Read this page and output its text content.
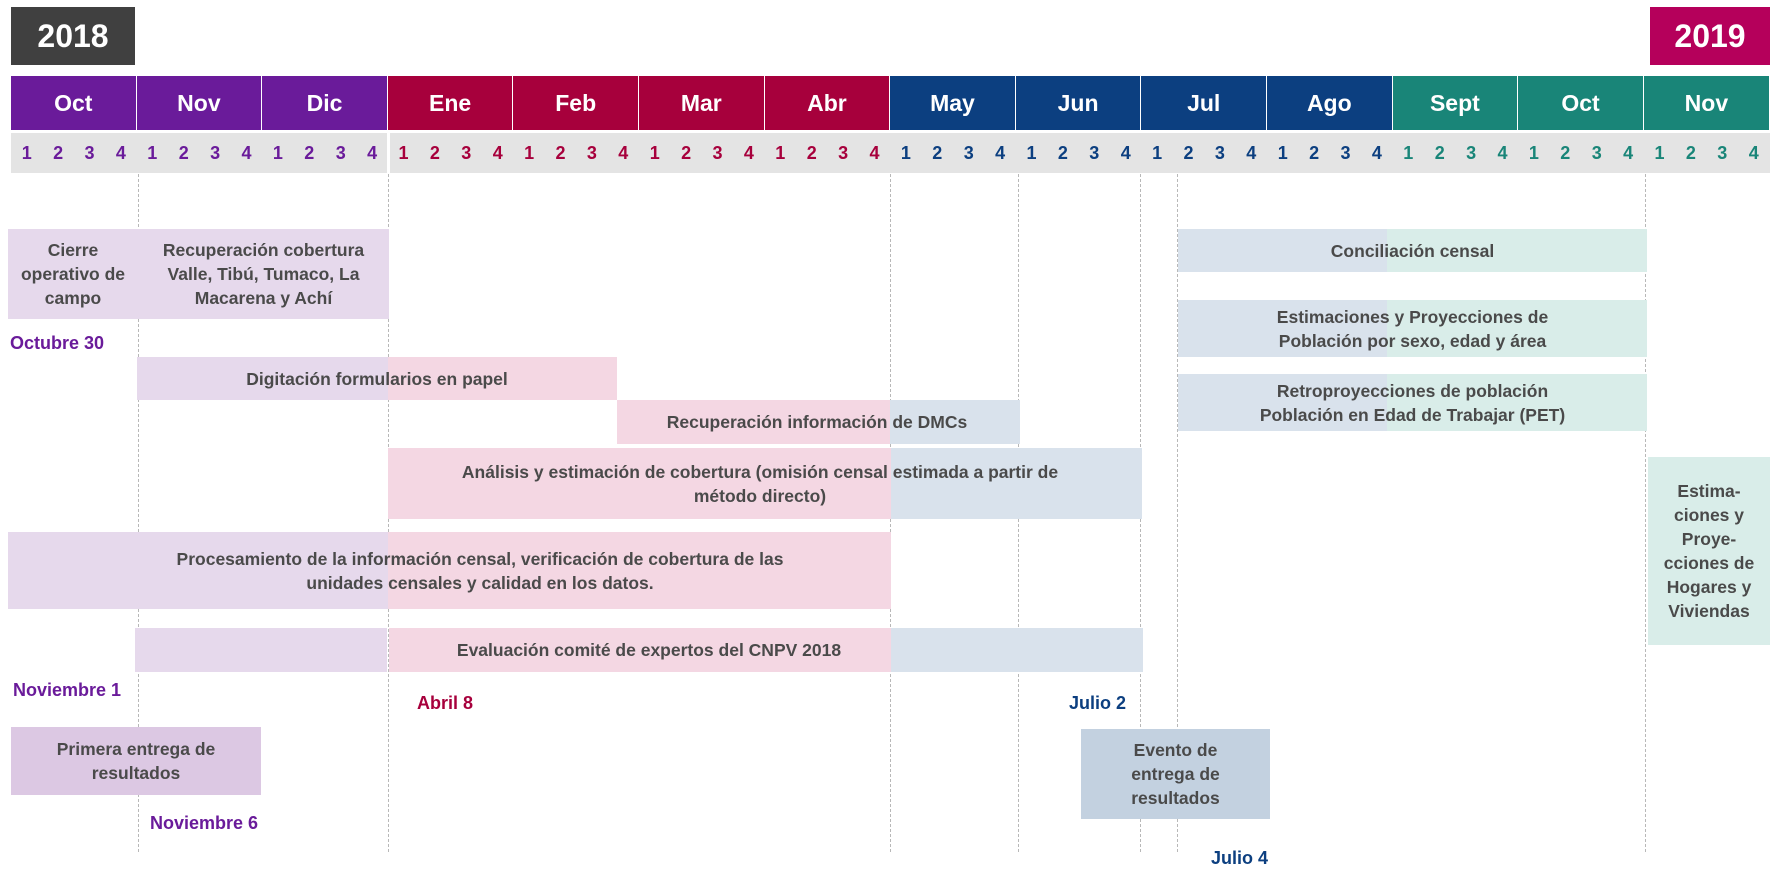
2018	2019
Oct	Nov	Dic	Ene	Feb	Mar	Abr	May	Jun	Jul	Ago	Sept	Oct	Nov
1	2	3	4	1	2	3	4	1	2	3	4	1	2	3	4	1	2	3	4	1	2	3	4	1	2	3	4	1	2	3	4	1	2	3	4	1	2	3	4	1	2	3	4	1	2	3	4	1	2	3	4	1	2	3	4
Cierre operativo de campo
Recuperación cobertura Valle, Tibú, Tumaco, La Macarena y Achí
Digitación formularios en papel
Recuperación información de DMCs
Análisis y estimación de cobertura (omisión censal estimada a partir de método directo)
Procesamiento de la información censal, verificación de cobertura de las unidades censales y calidad en los datos.
Evaluación comité de expertos del CNPV 2018
Primera entrega de resultados
Evento de entrega de resultados
Conciliación censal
Estimaciones y Proyecciones de Población por sexo, edad y área
Retroproyecciones de población Población en Edad de Trabajar (PET)
Estima-ciones y Proye-cciones de Hogares y Viviendas
Octubre 30
Noviembre 1
Noviembre 6
Abril 8	Julio 2
Julio 4
